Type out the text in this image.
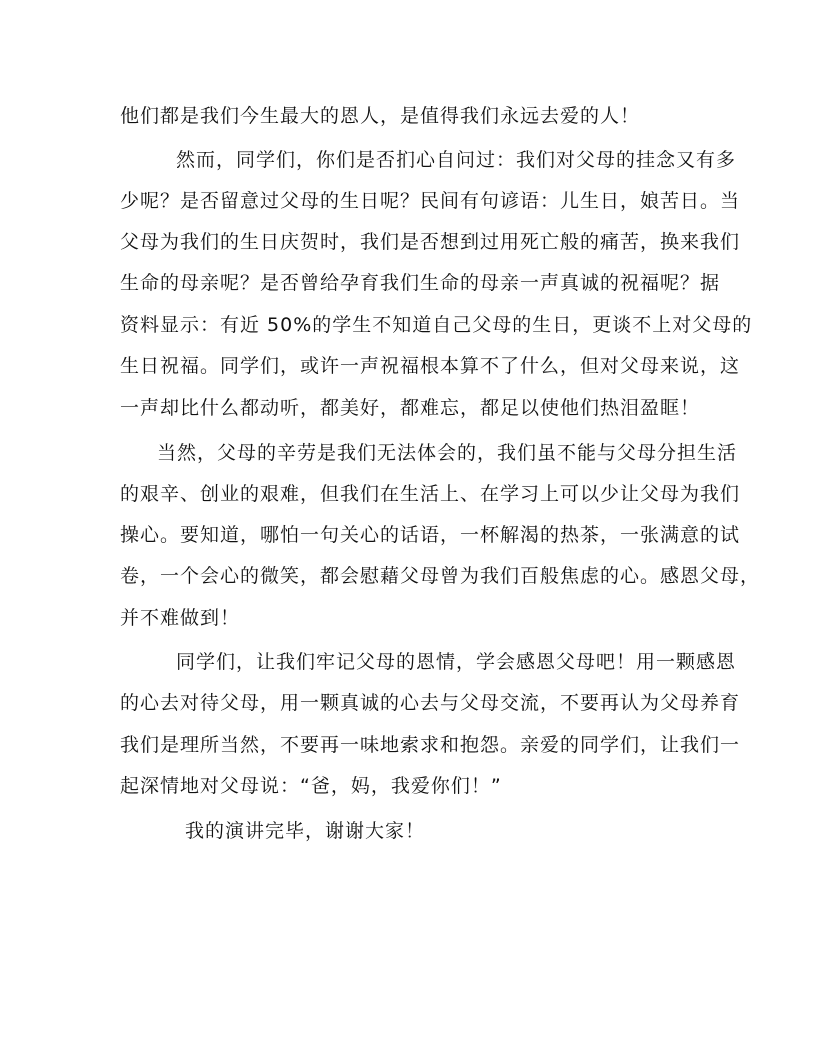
他们都是我们今生最大的恩人，是值得我们永远去爱的人！
然而，同学们，你们是否扪心自问过：我们对父母的挂念又有多
少呢？是否留意过父母的生日呢？民间有句谚语：儿生日，娘苦日。当
父母为我们的生日庆贺时，我们是否想到过用死亡般的痛苦，换来我们
生命的母亲呢？是否曾给孕育我们生命的母亲一声真诚的祝福呢？据
资料显示：有近 50%的学生不知道自己父母的生日，更谈不上对父母的
生日祝福。同学们，或许一声祝福根本算不了什么，但对父母来说，这
一声却比什么都动听，都美好，都难忘，都足以使他们热泪盈眶！
当然，父母的辛劳是我们无法体会的，我们虽不能与父母分担生活
的艰辛、创业的艰难，但我们在生活上、在学习上可以少让父母为我们
操心。要知道，哪怕一句关心的话语，一杯解渴的热茶，一张满意的试
卷，一个会心的微笑，都会慰藉父母曾为我们百般焦虑的心。感恩父母，
并不难做到！
同学们，让我们牢记父母的恩情，学会感恩父母吧！用一颗感恩
的心去对待父母，用一颗真诚的心去与父母交流，不要再认为父母养育
我们是理所当然，不要再一味地索求和抱怨。亲爱的同学们，让我们一
起深情地对父母说：“爸，妈，我爱你们！”
我的演讲完毕，谢谢大家！
